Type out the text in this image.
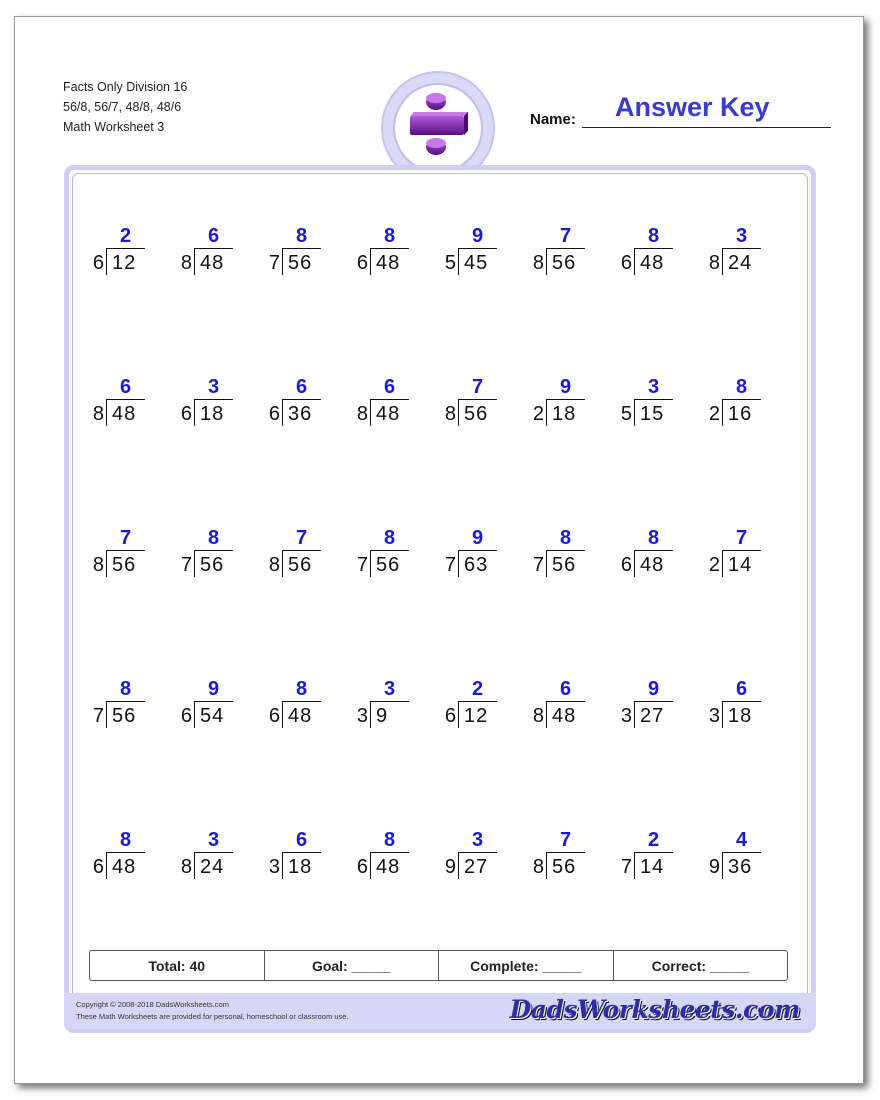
Facts Only Division 16
56/8, 56/7, 48/8, 48/6
Math Worksheet 3	Name: Answer Key
2
6 12
6
8 48
8
7 56
8
6 48
9
5 45
7
8 56
8
6 48
3
8 24
6
8 48
3
6 18
6
6 36
6
8 48
7
8 56
9
2 18
3
5 15
8
2 16
7
8 56
8
7 56
7
8 56
8
7 56
9
7 63
8
7 56
8
6 48
7
2 14
8
7 56
9
6 54
8
6 48
3
3 9
2
6 12
6
8 48
9
3 27
6
3 18
8
6 48
3
8 24
6
3 18
8
6 48
3
9 27
7
8 56
2
7 14
4
9 36
Total: 40	Goal: _____	Complete: _____	Correct: _____
Copyright © 2008-2018 DadsWorksheets.com
These Math Worksheets are provided for personal, homeschool or classroom use.	DadsWorksheets.com
